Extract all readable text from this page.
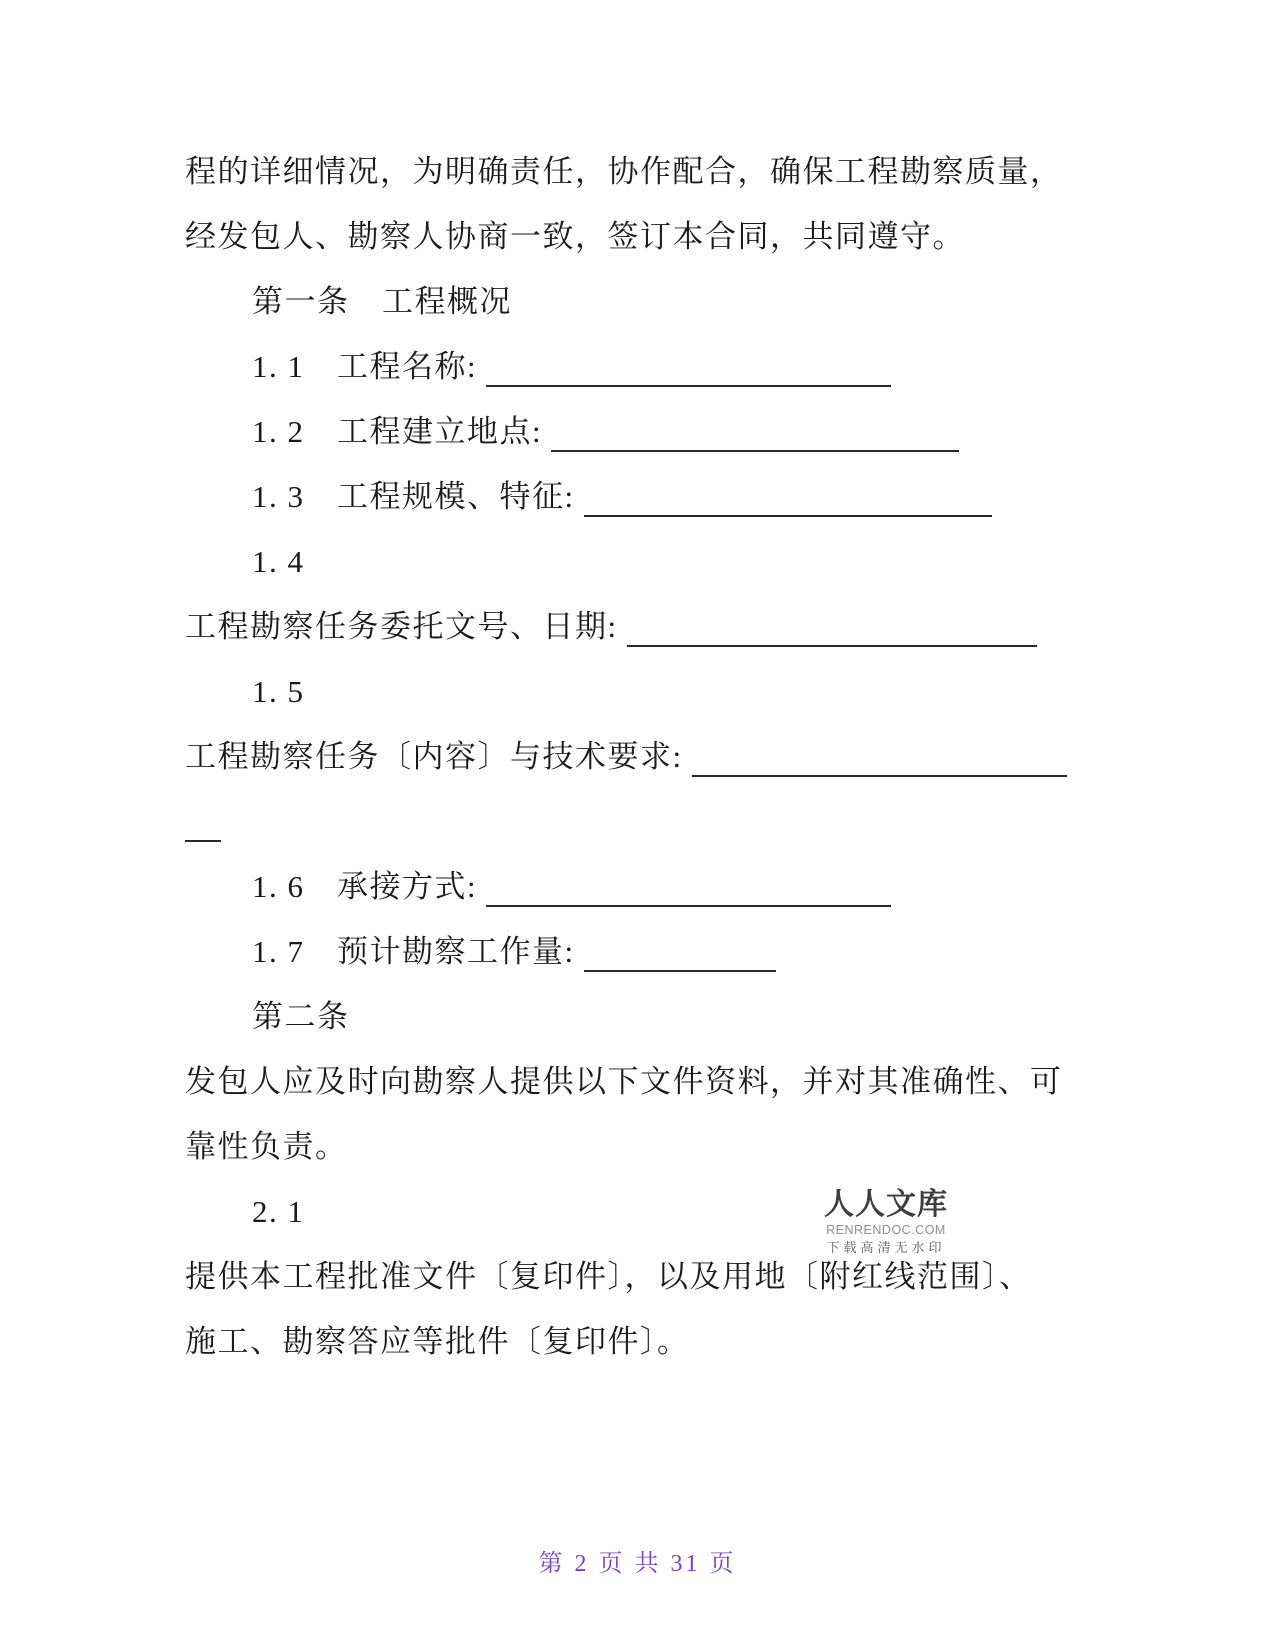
程的详细情况，为明确责任，协作配合，确保工程勘察质量，
经发包人、勘察人协商一致，签订本合同，共同遵守。
第一条　工程概况
1. 1　工程名称:
1. 2　工程建立地点:
1. 3　工程规模、特征:
1. 4
工程勘察任务委托文号、日期:
1. 5
工程勘察任务〔内容〕与技术要求:
1. 6　承接方式:
1. 7　预计勘察工作量:
第二条
发包人应及时向勘察人提供以下文件资料，并对其准确性、可
靠性负责。
2. 1
提供本工程批准文件〔复印件〕，以及用地〔附红线范围〕、
施工、勘察答应等批件〔复印件〕。
人人文库
RENRENDOC.COM
下载高清无水印
第 2 页 共 31 页
